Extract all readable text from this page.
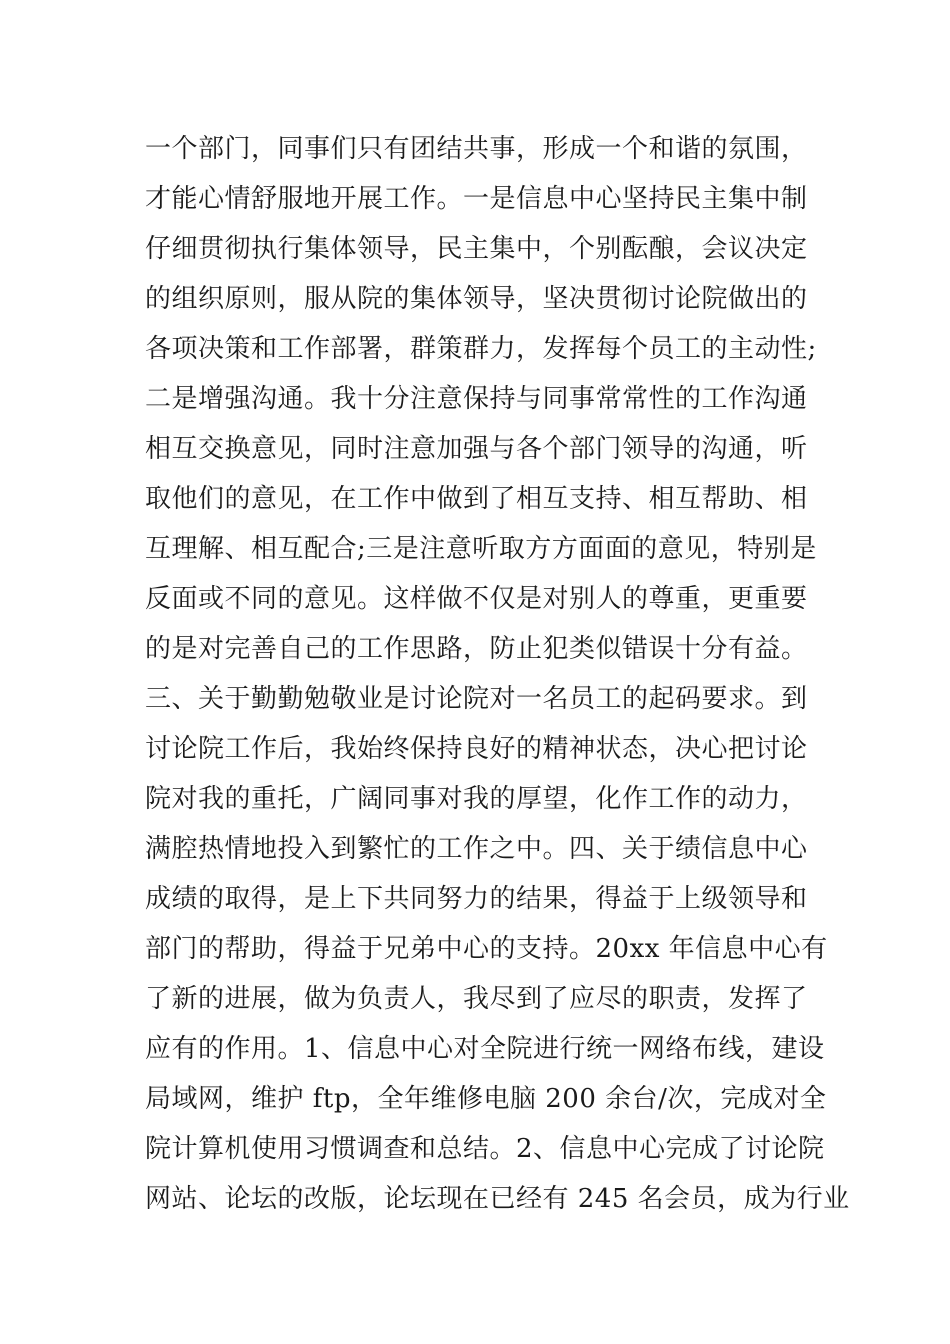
一个部门，同事们只有团结共事，形成一个和谐的氛围，
才能心情舒服地开展工作。一是信息中心坚持民主集中制
仔细贯彻执行集体领导，民主集中，个别酝酿，会议决定
的组织原则，服从院的集体领导，坚决贯彻讨论院做出的
各项决策和工作部署，群策群力，发挥每个员工的主动性;
二是增强沟通。我十分注意保持与同事常常性的工作沟通
相互交换意见，同时注意加强与各个部门领导的沟通，听
取他们的意见，在工作中做到了相互支持、相互帮助、相
互理解、相互配合;三是注意听取方方面面的意见，特别是
反面或不同的意见。这样做不仅是对别人的尊重，更重要
的是对完善自己的工作思路，防止犯类似错误十分有益。
三、关于勤勤勉敬业是讨论院对一名员工的起码要求。到
讨论院工作后，我始终保持良好的精神状态，决心把讨论
院对我的重托，广阔同事对我的厚望，化作工作的动力，
满腔热情地投入到繁忙的工作之中。四、关于绩信息中心
成绩的取得，是上下共同努力的结果，得益于上级领导和
部门的帮助，得益于兄弟中心的支持。20xx 年信息中心有
了新的进展，做为负责人，我尽到了应尽的职责，发挥了
应有的作用。1、信息中心对全院进行统一网络布线，建设
局域网，维护 ftp，全年维修电脑 200 余台/次，完成对全
院计算机使用习惯调查和总结。2、信息中心完成了讨论院
网站、论坛的改版，论坛现在已经有 245 名会员，成为行业
